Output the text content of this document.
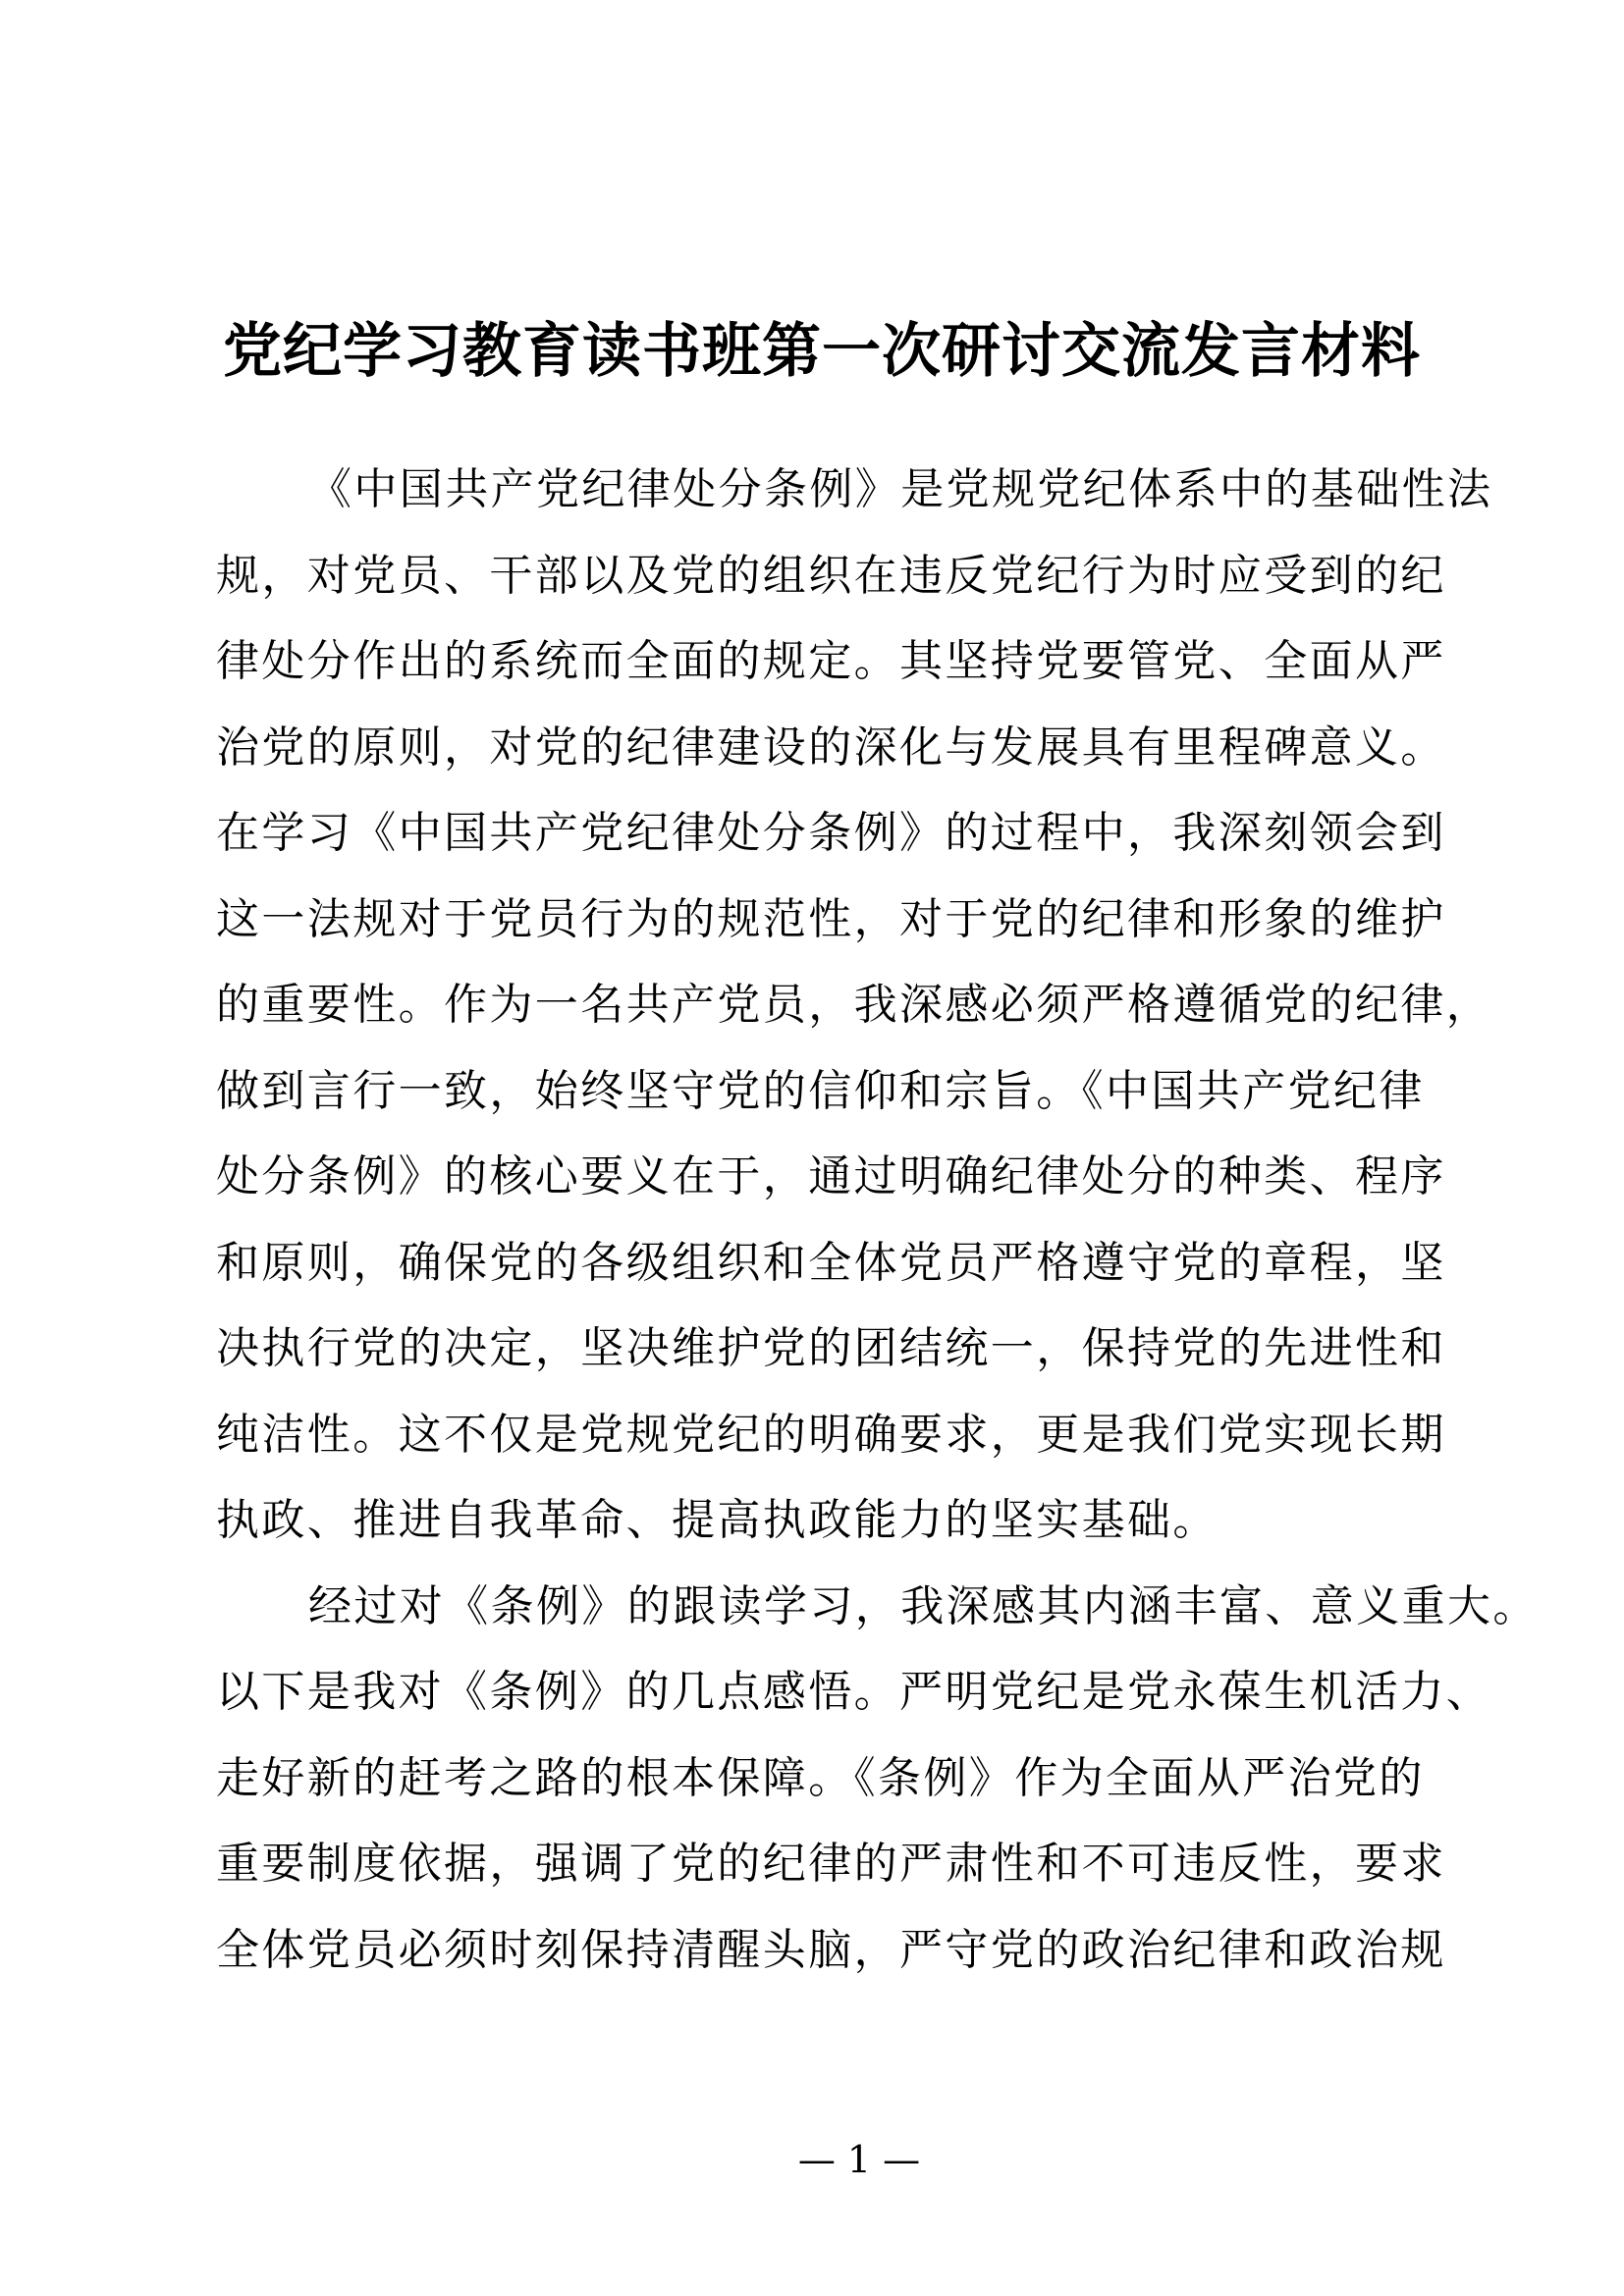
党纪学习教育读书班第一次研讨交流发言材料
《中国共产党纪律处分条例》是党规党纪体系中的基础性法
规，对党员、干部以及党的组织在违反党纪行为时应受到的纪
律处分作出的系统而全面的规定。其坚持党要管党、全面从严
治党的原则，对党的纪律建设的深化与发展具有里程碑意义。
在学习《中国共产党纪律处分条例》的过程中，我深刻领会到
这一法规对于党员行为的规范性，对于党的纪律和形象的维护
的重要性。作为一名共产党员，我深感必须严格遵循党的纪律，
做到言行一致，始终坚守党的信仰和宗旨。《中国共产党纪律
处分条例》的核心要义在于，通过明确纪律处分的种类、程序
和原则，确保党的各级组织和全体党员严格遵守党的章程，坚
决执行党的决定，坚决维护党的团结统一，保持党的先进性和
纯洁性。这不仅是党规党纪的明确要求，更是我们党实现长期
执政、推进自我革命、提高执政能力的坚实基础。
经过对《条例》的跟读学习，我深感其内涵丰富、意义重大。
以下是我对《条例》的几点感悟。严明党纪是党永葆生机活力、
走好新的赶考之路的根本保障。《条例》作为全面从严治党的
重要制度依据，强调了党的纪律的严肃性和不可违反性，要求
全体党员必须时刻保持清醒头脑，严守党的政治纪律和政治规
— 1 —
